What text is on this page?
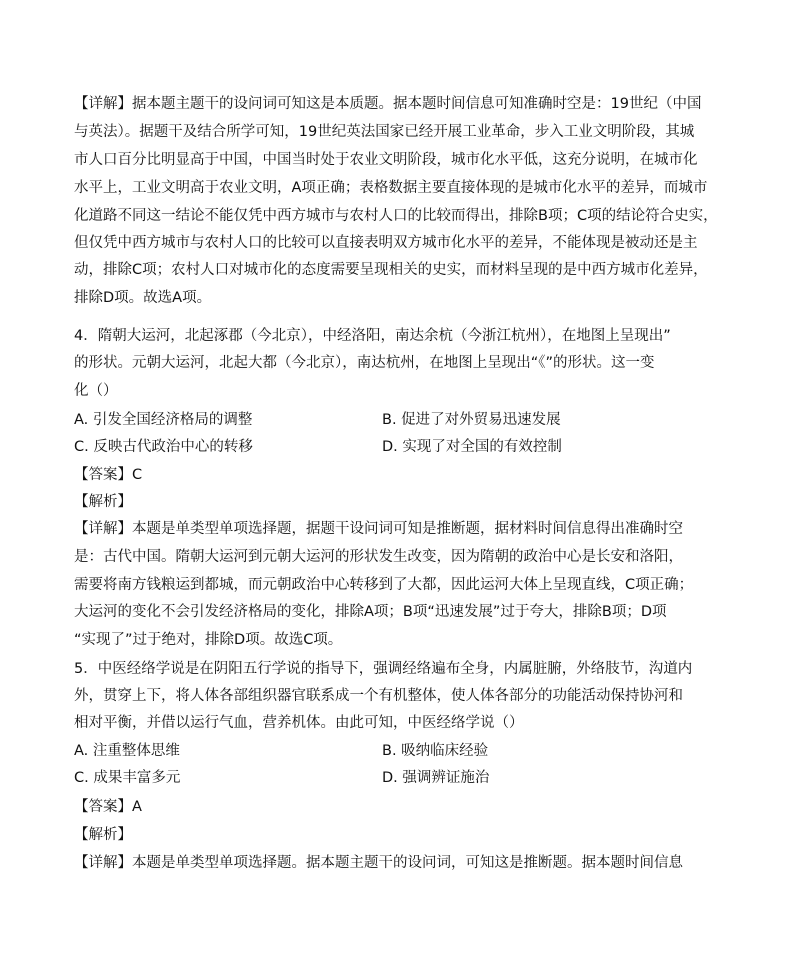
【详解】据本题主题干的设问词可知这是本质题。据本题时间信息可知准确时空是：19世纪（中国
与英法）。据题干及结合所学可知，19世纪英法国家已经开展工业革命，步入工业文明阶段，其城
市人口百分比明显高于中国，中国当时处于农业文明阶段，城市化水平低，这充分说明，在城市化
水平上，工业文明高于农业文明，A项正确；表格数据主要直接体现的是城市化水平的差异，而城市
化道路不同这一结论不能仅凭中西方城市与农村人口的比较而得出，排除B项；C项的结论符合史实，
但仅凭中西方城市与农村人口的比较可以直接表明双方城市化水平的差异，不能体现是被动还是主
动，排除C项；农村人口对城市化的态度需要呈现相关的史实，而材料呈现的是中西方城市化差异，
排除D项。故选A项。
4．隋朝大运河，北起涿郡（今北京），中经洛阳，南达余杭（今浙江杭州），在地图上呈现出”
的形状。元朝大运河，北起大都（今北京），南达杭州，在地图上呈现出“《”的形状。这一变
化（）
A. 引发全国经济格局的调整	B. 促进了对外贸易迅速发展
C. 反映古代政治中心的转移	D. 实现了对全国的有效控制
【答案】C
【解析】
【详解】本题是单类型单项选择题，据题干设问词可知是推断题，据材料时间信息得出准确时空
是：古代中国。隋朝大运河到元朝大运河的形状发生改变，因为隋朝的政治中心是长安和洛阳，
需要将南方钱粮运到都城，而元朝政治中心转移到了大都，因此运河大体上呈现直线，C项正确；
大运河的变化不会引发经济格局的变化，排除A项；B项“迅速发展”过于夸大，排除B项；D项
“实现了”过于绝对，排除D项。故选C项。
5．中医经络学说是在阴阳五行学说的指导下，强调经络遍布全身，内属脏腑，外络肢节，沟道内
外，贯穿上下，将人体各部组织器官联系成一个有机整体，使人体各部分的功能活动保持协河和
相对平衡，并借以运行气血，营养机体。由此可知，中医经络学说（）
A. 注重整体思维	B. 吸纳临床经验
C. 成果丰富多元	D. 强调辨证施治
【答案】A
【解析】
【详解】本题是单类型单项选择题。据本题主题干的设问词，可知这是推断题。据本题时间信息
